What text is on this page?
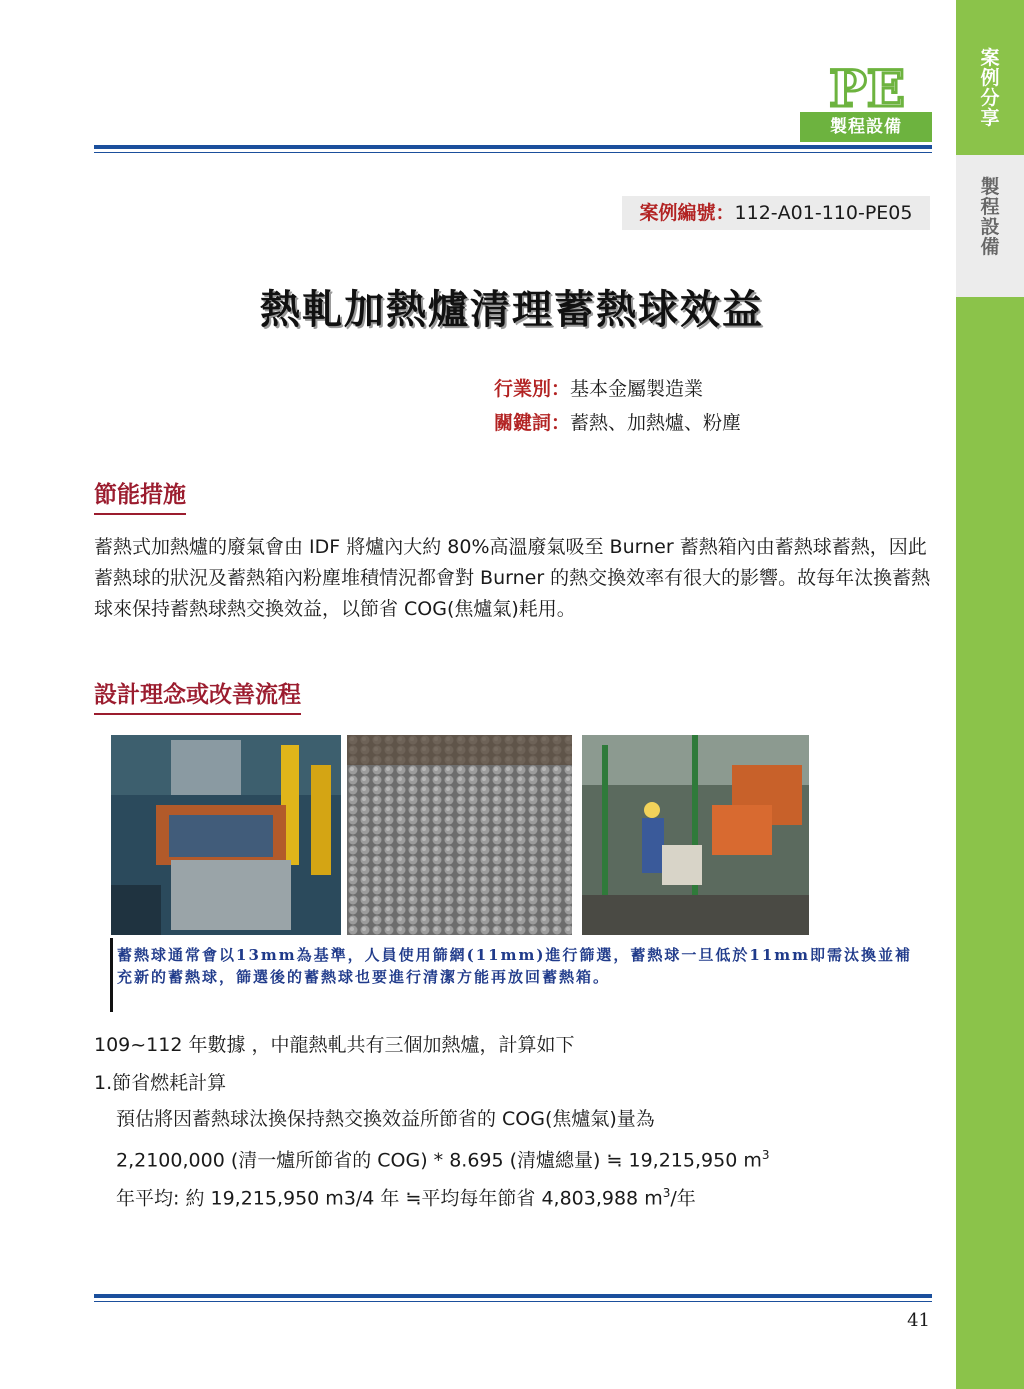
案
例
分
享
製
程
設
備
PE
製程設備
案例編號：112-A01-110-PE05
熱軋加熱爐清理蓄熱球效益
行業別：基本金屬製造業
關鍵詞：蓄熱、加熱爐、粉塵
節能措施
蓄熱式加熱爐的廢氣會由 IDF 將爐內大約 80%高溫廢氣吸至 Burner 蓄熱箱內由蓄熱球蓄熱，因此蓄熱球的狀況及蓄熱箱內粉塵堆積情況都會對 Burner 的熱交換效率有很大的影響。故每年汰換蓄熱球來保持蓄熱球熱交換效益，以節省 COG(焦爐氣)耗用。
設計理念或改善流程
蓄熱球通常會以13mm為基準，人員使用篩網(11mm)進行篩選，蓄熱球一旦低於11mm即需汰換並補充新的蓄熱球，篩選後的蓄熱球也要進行清潔方能再放回蓄熱箱。
109~112 年數據 ，中龍熱軋共有三個加熱爐，計算如下
1.節省燃耗計算
預估將因蓄熱球汰換保持熱交換效益所節省的 COG(焦爐氣)量為
2,2100,000 (清一爐所節省的 COG) * 8.695 (清爐總量) ≒ 19,215,950 $m^3$
年平均: 約 19,215,950 m3/4 年 ≒平均每年節省 4,803,988 $m^3/$年
41
